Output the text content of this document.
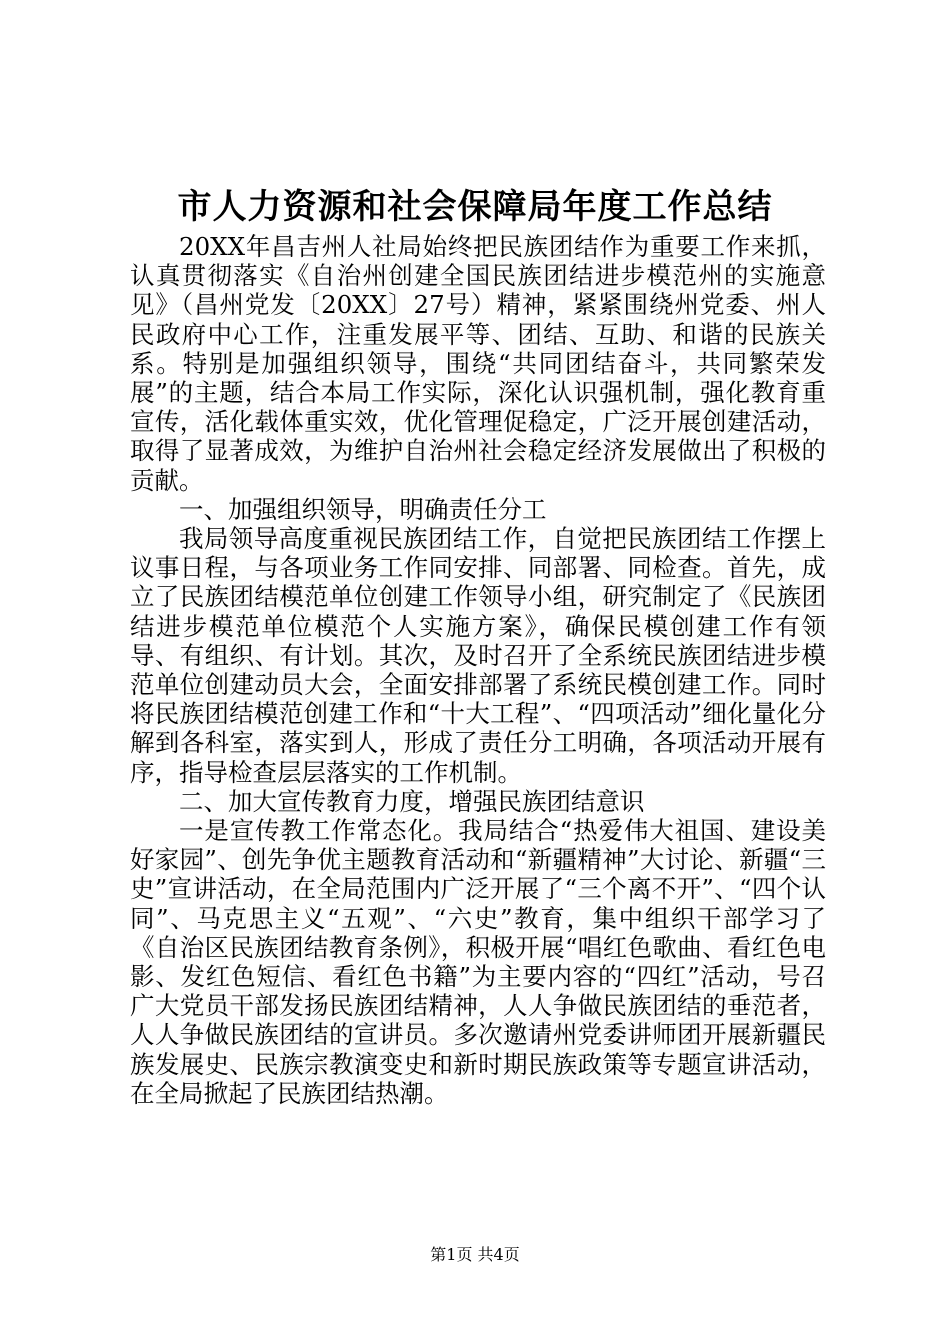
市人力资源和社会保障局年度工作总结

20XX年昌吉州人社局始终把民族团结作为重要工作来抓，认真贯彻落实《自治州创建全国民族团结进步模范州的实施意见》（昌州党发〔20XX〕27号）精神，紧紧围绕州党委、州人民政府中心工作，注重发展平等、团结、互助、和谐的民族关系。特别是加强组织领导，围绕“共同团结奋斗，共同繁荣发展”的主题，结合本局工作实际，深化认识强机制，强化教育重宣传，活化载体重实效，优化管理促稳定，广泛开展创建活动，取得了显著成效，为维护自治州社会稳定经济发展做出了积极的贡献。

一、加强组织领导，明确责任分工

我局领导高度重视民族团结工作，自觉把民族团结工作摆上议事日程，与各项业务工作同安排、同部署、同检查。首先，成立了民族团结模范单位创建工作领导小组，研究制定了《民族团结进步模范单位模范个人实施方案》，确保民模创建工作有领导、有组织、有计划。其次，及时召开了全系统民族团结进步模范单位创建动员大会，全面安排部署了系统民模创建工作。同时将民族团结模范创建工作和“十大工程”、“四项活动”细化量化分解到各科室，落实到人，形成了责任分工明确，各项活动开展有序，指导检查层层落实的工作机制。

二、加大宣传教育力度，增强民族团结意识

一是宣传教工作常态化。我局结合“热爱伟大祖国、建设美好家园”、创先争优主题教育活动和“新疆精神”大讨论、新疆“三史”宣讲活动，在全局范围内广泛开展了“三个离不开”、“四个认同”、马克思主义“五观”、“六史”教育，集中组织干部学习了《自治区民族团结教育条例》，积极开展“唱红色歌曲、看红色电影、发红色短信、看红色书籍”为主要内容的“四红”活动，号召广大党员干部发扬民族团结精神，人人争做民族团结的垂范者，人人争做民族团结的宣讲员。多次邀请州党委讲师团开展新疆民族发展史、民族宗教演变史和新时期民族政策等专题宣讲活动，在全局掀起了民族团结热潮。

第1页 共4页
